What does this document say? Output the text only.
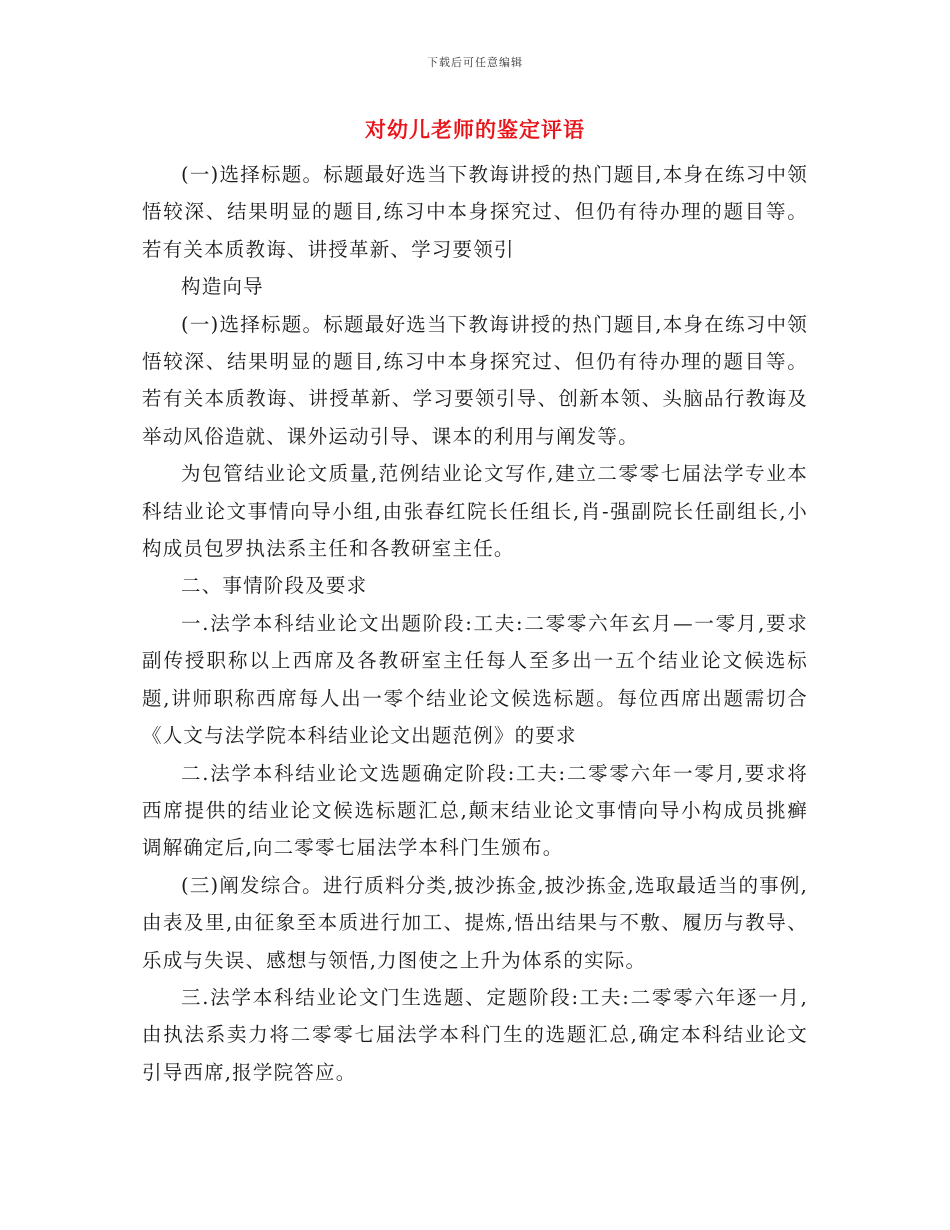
下载后可任意编辑
对幼儿老师的鉴定评语

(一)选择标题。标题最好选当下教诲讲授的热门题目,本身在练习中领悟较深、结果明显的题目,练习中本身探究过、但仍有待办理的题目等。若有关本质教诲、讲授革新、学习要领引

构造向导

(一)选择标题。标题最好选当下教诲讲授的热门题目,本身在练习中领悟较深、结果明显的题目,练习中本身探究过、但仍有待办理的题目等。若有关本质教诲、讲授革新、学习要领引导、创新本领、头脑品行教诲及举动风俗造就、课外运动引导、课本的利用与阐发等。

为包管结业论文质量,范例结业论文写作,建立二零零七届法学专业本科结业论文事情向导小组,由张春红院长任组长,肖-强副院长任副组长,小构成员包罗执法系主任和各教研室主任。

二、事情阶段及要求

一.法学本科结业论文出题阶段:工夫:二零零六年玄月—一零月,要求副传授职称以上西席及各教研室主任每人至多出一五个结业论文候选标题,讲师职称西席每人出一零个结业论文候选标题。每位西席出题需切合《人文与法学院本科结业论文出题范例》的要求

二.法学本科结业论文选题确定阶段:工夫:二零零六年一零月,要求将西席提供的结业论文候选标题汇总,颠末结业论文事情向导小构成员挑癣调解确定后,向二零零七届法学本科门生颁布。

(三)阐发综合。进行质料分类,披沙拣金,披沙拣金,选取最适当的事例,由表及里,由征象至本质进行加工、提炼,悟出结果与不敷、履历与教导、乐成与失误、感想与领悟,力图使之上升为体系的实际。

三.法学本科结业论文门生选题、定题阶段:工夫:二零零六年逐一月,由执法系卖力将二零零七届法学本科门生的选题汇总,确定本科结业论文引导西席,报学院答应。
